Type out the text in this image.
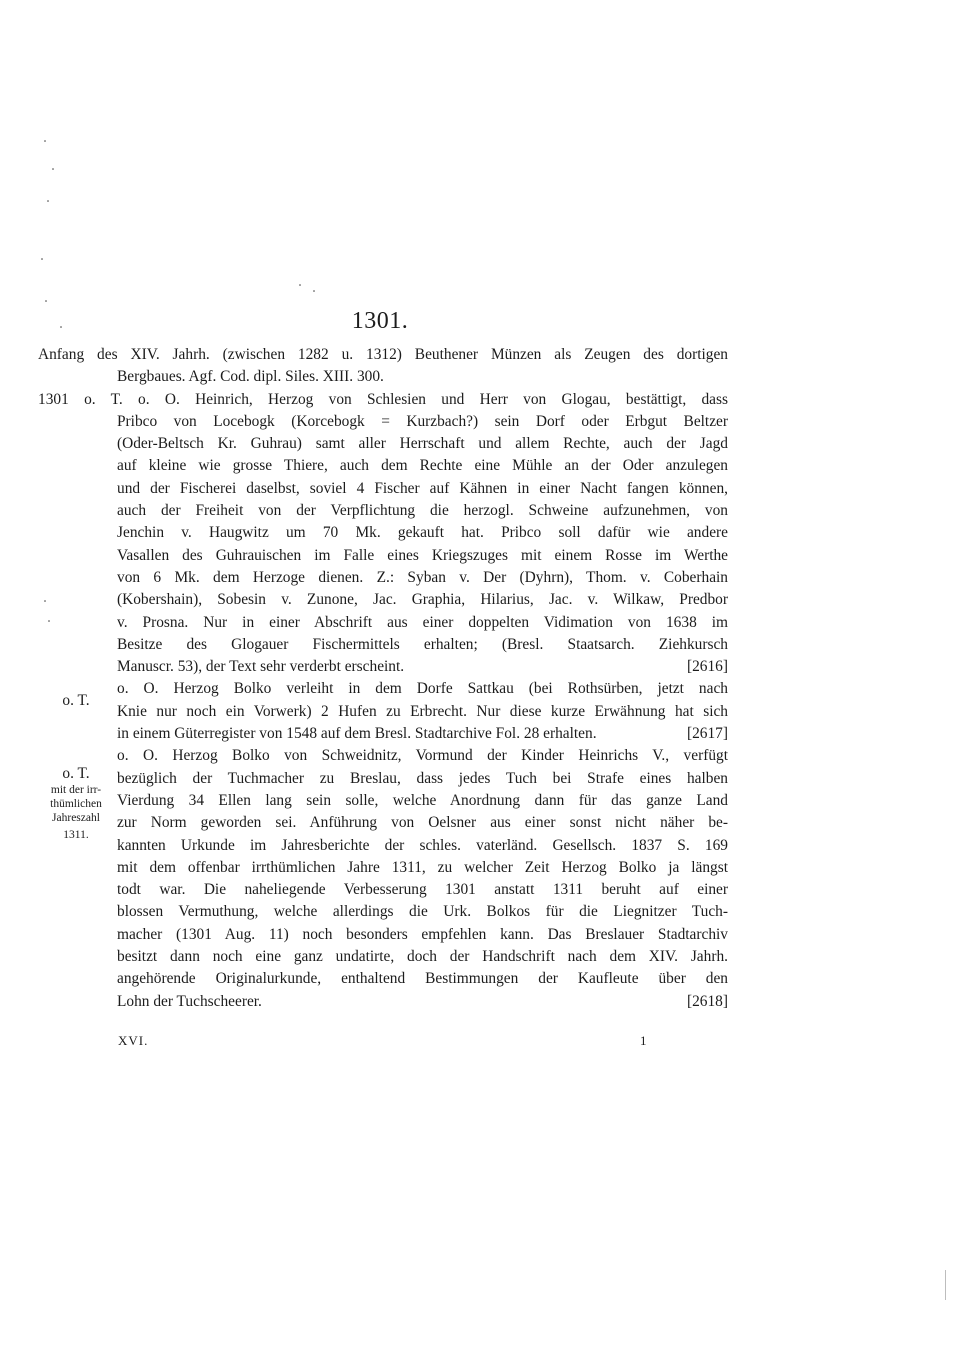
1301.
o. T.
o. T.
mit der irr-
thümlichen
Jahreszahl
1311.
Anfang des XIV. Jahrh. (zwischen 1282 u. 1312) Beuthener Münzen als Zeugen des dortigen
Bergbaues. Agf. Cod. dipl. Siles. XIII. 300.
1301 o. T. o. O. Heinrich, Herzog von Schlesien und Herr von Glogau, bestättigt, dass
Pribco von Locebogk (Korcebogk = Kurzbach?) sein Dorf oder Erbgut Beltzer
(Oder-Beltsch Kr. Guhrau) samt aller Herrschaft und allem Rechte, auch der Jagd
auf kleine wie grosse Thiere, auch dem Rechte eine Mühle an der Oder anzulegen
und der Fischerei daselbst, soviel 4 Fischer auf Kähnen in einer Nacht fangen können,
auch der Freiheit von der Verpflichtung die herzogl. Schweine aufzunehmen, von
Jenchin v. Haugwitz um 70 Mk. gekauft hat. Pribco soll dafür wie andere
Vasallen des Guhrauischen im Falle eines Kriegszuges mit einem Rosse im Werthe
von 6 Mk. dem Herzoge dienen. Z.: Syban v. Der (Dyhrn), Thom. v. Coberhain
(Kobershain), Sobesin v. Zunone, Jac. Graphia, Hilarius, Jac. v. Wilkaw, Predbor
v. Prosna. Nur in einer Abschrift aus einer doppelten Vidimation von 1638 im
Besitze des Glogauer Fischermittels erhalten; (Bresl. Staatsarch. Ziehkursch
Manuscr. 53), der Text sehr verderbt erscheint.	[2616]
o. O. Herzog Bolko verleiht in dem Dorfe Sattkau (bei Rothsürben, jetzt nach
Knie nur noch ein Vorwerk) 2 Hufen zu Erbrecht. Nur diese kurze Erwähnung hat sich
in einem Güterregister von 1548 auf dem Bresl. Stadtarchive Fol. 28 erhalten.	[2617]
o. O. Herzog Bolko von Schweidnitz, Vormund der Kinder Heinrichs V., verfügt
bezüglich der Tuchmacher zu Breslau, dass jedes Tuch bei Strafe eines halben
Vierdung 34 Ellen lang sein solle, welche Anordnung dann für das ganze Land
zur Norm geworden sei. Anführung von Oelsner aus einer sonst nicht näher be-
kannten Urkunde im Jahresberichte der schles. vaterländ. Gesellsch. 1837 S. 169
mit dem offenbar irrthümlichen Jahre 1311, zu welcher Zeit Herzog Bolko ja längst
todt war. Die naheliegende Verbesserung 1301 anstatt 1311 beruht auf einer
blossen Vermuthung, welche allerdings die Urk. Bolkos für die Liegnitzer Tuch-
macher (1301 Aug. 11) noch besonders empfehlen kann. Das Breslauer Stadtarchiv
besitzt dann noch eine ganz undatirte, doch der Handschrift nach dem XIV. Jahrh.
angehörende Originalurkunde, enthaltend Bestimmungen der Kaufleute über den
Lohn der Tuchscheerer.	[2618]
XVI.	1
